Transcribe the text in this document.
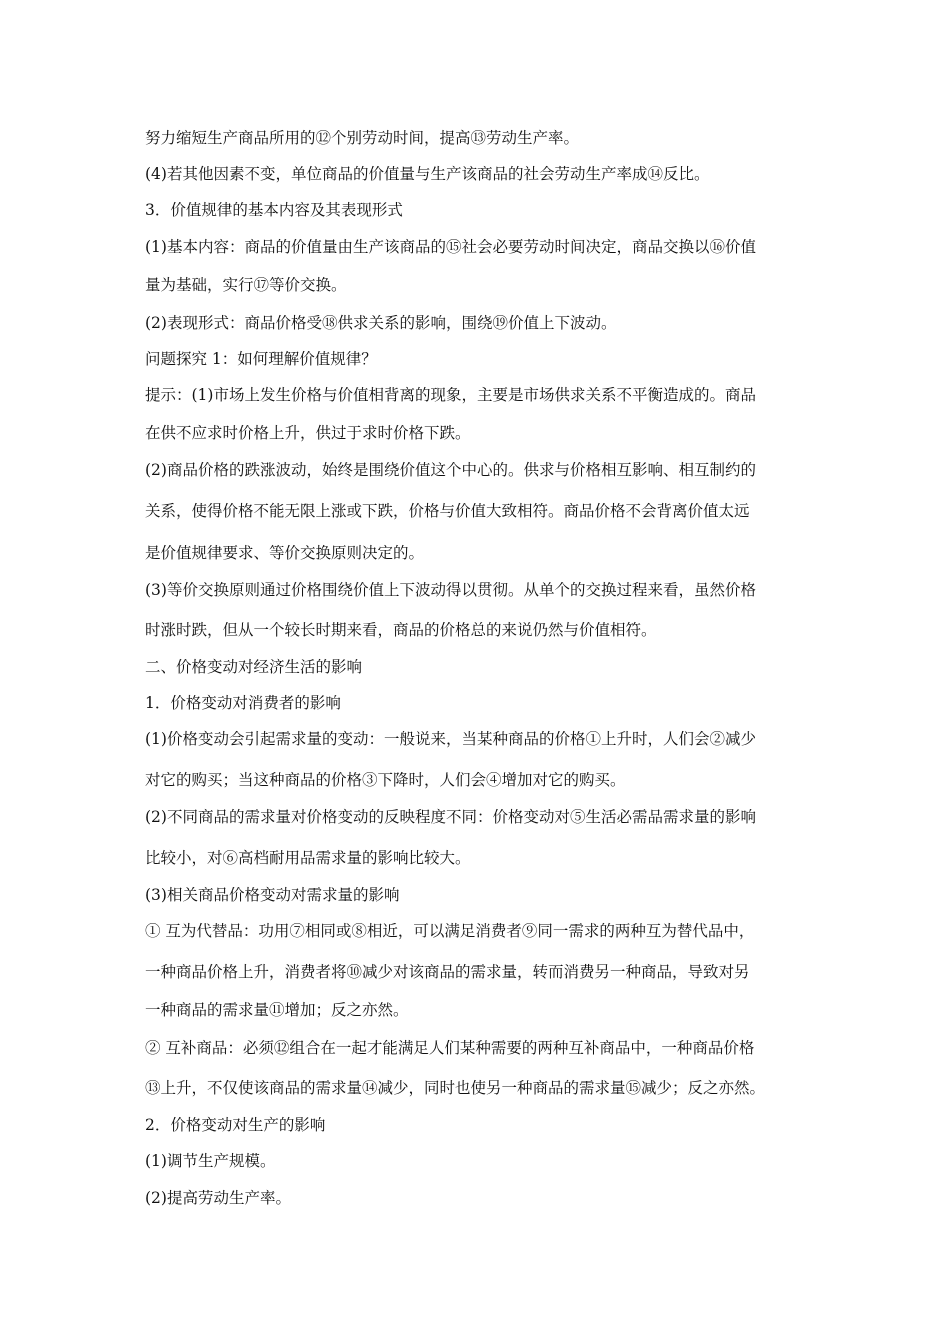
努力缩短生产商品所用的⑫个别劳动时间，提高⑬劳动生产率。
(4)若其他因素不变，单位商品的价值量与生产该商品的社会劳动生产率成⑭反比。
3．价值规律的基本内容及其表现形式
(1)基本内容：商品的价值量由生产该商品的⑮社会必要劳动时间决定，商品交换以⑯价值
量为基础，实行⑰等价交换。
(2)表现形式：商品价格受⑱供求关系的影响，围绕⑲价值上下波动。
问题探究 1：如何理解价值规律？
提示：(1)市场上发生价格与价值相背离的现象，主要是市场供求关系不平衡造成的。商品
在供不应求时价格上升，供过于求时价格下跌。
(2)商品价格的跌涨波动，始终是围绕价值这个中心的。供求与价格相互影响、相互制约的
关系，使得价格不能无限上涨或下跌，价格与价值大致相符。商品价格不会背离价值太远
是价值规律要求、等价交换原则决定的。
(3)等价交换原则通过价格围绕价值上下波动得以贯彻。从单个的交换过程来看，虽然价格
时涨时跌，但从一个较长时期来看，商品的价格总的来说仍然与价值相符。
二、价格变动对经济生活的影响
1．价格变动对消费者的影响
(1)价格变动会引起需求量的变动：一般说来，当某种商品的价格①上升时，人们会②减少
对它的购买；当这种商品的价格③下降时，人们会④增加对它的购买。
(2)不同商品的需求量对价格变动的反映程度不同：价格变动对⑤生活必需品需求量的影响
比较小，对⑥高档耐用品需求量的影响比较大。
(3)相关商品价格变动对需求量的影响
① 互为代替品：功用⑦相同或⑧相近，可以满足消费者⑨同一需求的两种互为替代品中，
一种商品价格上升，消费者将⑩减少对该商品的需求量，转而消费另一种商品，导致对另
一种商品的需求量⑪增加；反之亦然。
② 互补商品：必须⑫组合在一起才能满足人们某种需要的两种互补商品中，一种商品价格
⑬上升，不仅使该商品的需求量⑭减少，同时也使另一种商品的需求量⑮减少；反之亦然。
2．价格变动对生产的影响
(1)调节生产规模。
(2)提高劳动生产率。
